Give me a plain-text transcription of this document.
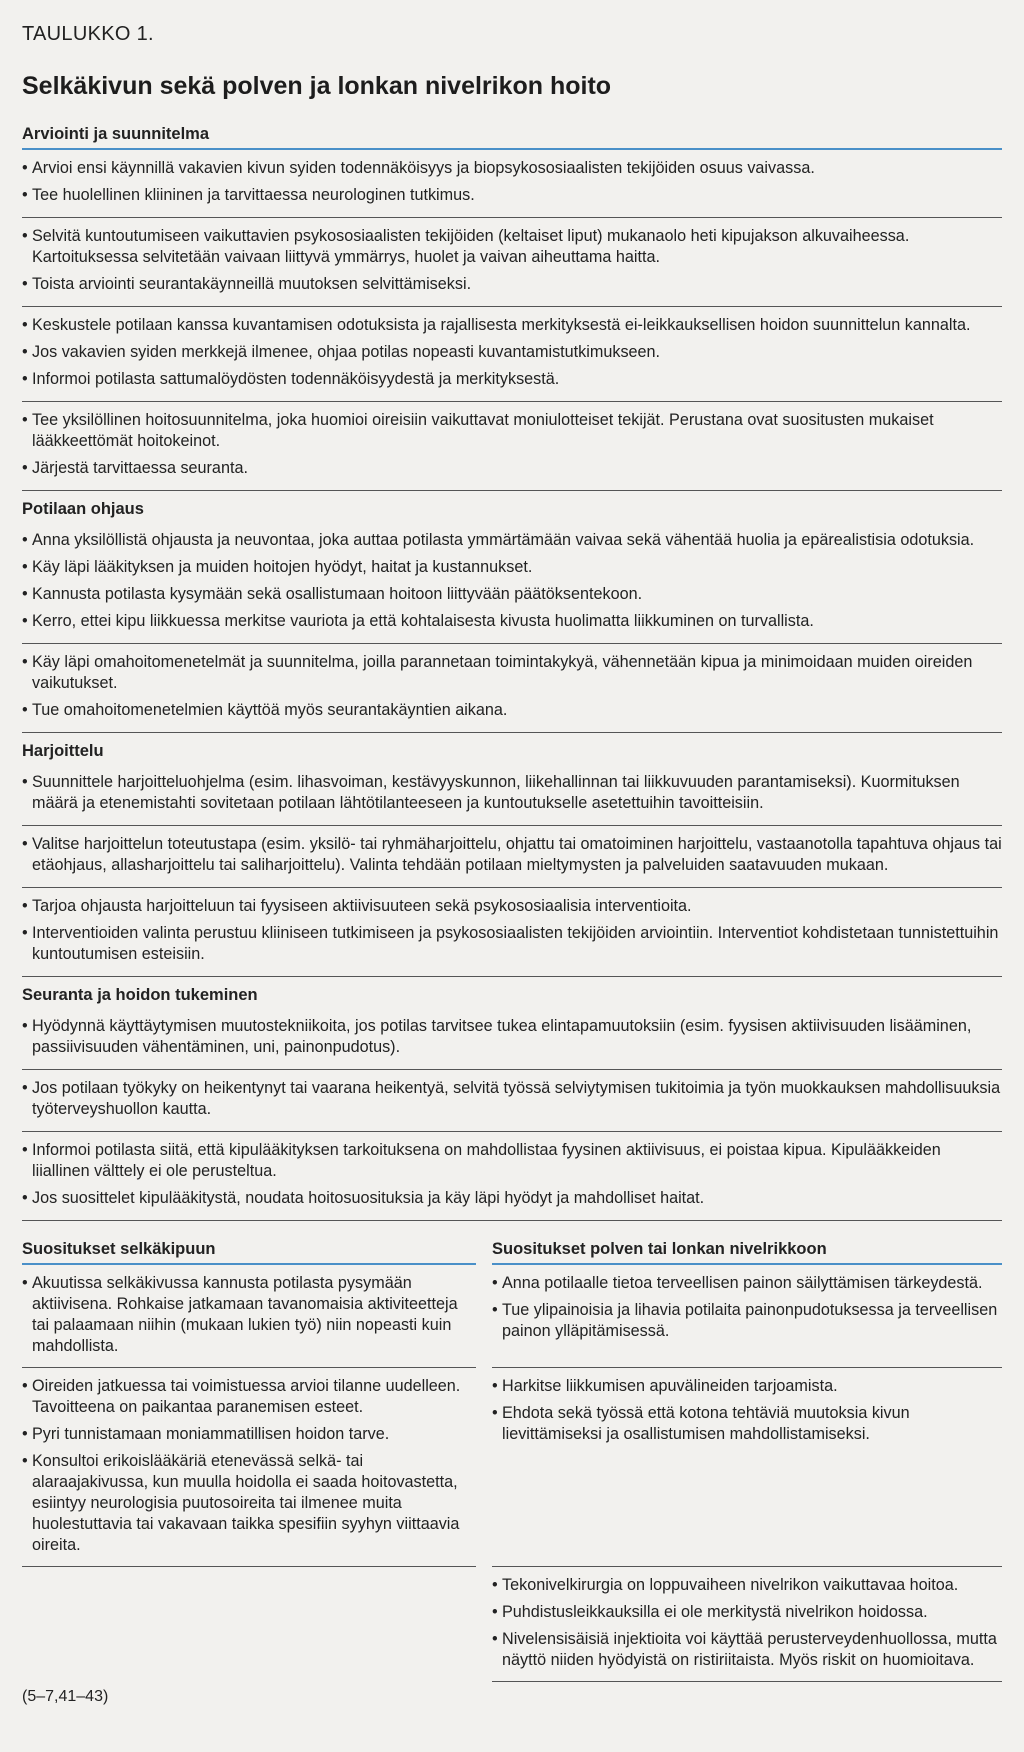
TAULUKKO 1.
Selkäkivun sekä polven ja lonkan nivelrikon hoito
Arviointi ja suunnitelma
• Arvioi ensi käynnillä vakavien kivun syiden todennäköisyys ja biopsykososiaalisten tekijöiden osuus vaivassa.
• Tee huolellinen kliininen ja tarvittaessa neurologinen tutkimus.
• Selvitä kuntoutumiseen vaikuttavien psykososiaalisten tekijöiden (keltaiset liput) mukanaolo heti kipujakson alkuvaiheessa. Kartoituksessa selvitetään vaivaan liittyvä ymmärrys, huolet ja vaivan aiheuttama haitta.
• Toista arviointi seurantakäynneillä muutoksen selvittämiseksi.
• Keskustele potilaan kanssa kuvantamisen odotuksista ja rajallisesta merkityksestä ei-leikkauksellisen hoidon suunnittelun kannalta.
• Jos vakavien syiden merkkejä ilmenee, ohjaa potilas nopeasti kuvantamistutkimukseen.
• Informoi potilasta sattumalöydösten todennäköisyydestä ja merkityksestä.
• Tee yksilöllinen hoitosuunnitelma, joka huomioi oireisiin vaikuttavat moniulotteiset tekijät. Perustana ovat suositusten mukaiset lääkkeettömät hoitokeinot.
• Järjestä tarvittaessa seuranta.
Potilaan ohjaus
• Anna yksilöllistä ohjausta ja neuvontaa, joka auttaa potilasta ymmärtämään vaivaa sekä vähentää huolia ja epärealistisia odotuksia.
• Käy läpi lääkityksen ja muiden hoitojen hyödyt, haitat ja kustannukset.
• Kannusta potilasta kysymään sekä osallistumaan hoitoon liittyvään päätöksentekoon.
• Kerro, ettei kipu liikkuessa merkitse vauriota ja että kohtalaisesta kivusta huolimatta liikkuminen on turvallista.
• Käy läpi omahoitomenetelmät ja suunnitelma, joilla parannetaan toimintakykyä, vähennetään kipua ja minimoidaan muiden oireiden vaikutukset.
• Tue omahoitomenetelmien käyttöä myös seurantakäyntien aikana.
Harjoittelu
• Suunnittele harjoitteluohjelma (esim. lihasvoiman, kestävyyskunnon, liikehallinnan tai liikkuvuuden parantamiseksi). Kuormituksen määrä ja etenemistahti sovitetaan potilaan lähtötilanteeseen ja kuntoutukselle asetettuihin tavoitteisiin.
• Valitse harjoittelun toteutustapa (esim. yksilö- tai ryhmäharjoittelu, ohjattu tai omatoiminen harjoittelu, vastaanotolla tapahtuva ohjaus tai etäohjaus, allasharjoittelu tai saliharjoittelu). Valinta tehdään potilaan mieltymysten ja palveluiden saatavuuden mukaan.
• Tarjoa ohjausta harjoitteluun tai fyysiseen aktiivisuuteen sekä psykososiaalisia interventioita.
• Interventioiden valinta perustuu kliiniseen tutkimiseen ja psykososiaalisten tekijöiden arviointiin. Interventiot kohdistetaan tunnistettuihin kuntoutumisen esteisiin.
Seuranta ja hoidon tukeminen
• Hyödynnä käyttäytymisen muutostekniikoita, jos potilas tarvitsee tukea elintapamuutoksiin (esim. fyysisen aktiivisuuden lisääminen, passiivisuuden vähentäminen, uni, painonpudotus).
• Jos potilaan työkyky on heikentynyt tai vaarana heikentyä, selvitä työssä selviytymisen tukitoimia ja työn muokkauksen mahdollisuuksia työterveyshuollon kautta.
• Informoi potilasta siitä, että kipulääkityksen tarkoituksena on mahdollistaa fyysinen aktiivisuus, ei poistaa kipua. Kipulääkkeiden liiallinen välttely ei ole perusteltua.
• Jos suosittelet kipulääkitystä, noudata hoitosuosituksia ja käy läpi hyödyt ja mahdolliset haitat.
Suositukset selkäkipuun	Suositukset polven tai lonkan nivelrikkoon
• Akuutissa selkäkivussa kannusta potilasta pysymään aktiivisena. Rohkaise jatkamaan tavanomaisia aktiviteetteja tai palaamaan niihin (mukaan lukien työ) niin nopeasti kuin mahdollista.
• Anna potilaalle tietoa terveellisen painon säilyttämisen tärkeydestä.
• Tue ylipainoisia ja lihavia potilaita painonpudotuksessa ja terveellisen painon ylläpitämisessä.
• Oireiden jatkuessa tai voimistuessa arvioi tilanne uudelleen. Tavoitteena on paikantaa paranemisen esteet.
• Pyri tunnistamaan moniammatillisen hoidon tarve.
• Konsultoi erikoislääkäriä etenevässä selkä- tai alaraajakivussa, kun muulla hoidolla ei saada hoitovastetta, esiintyy neurologisia puutosoireita tai ilmenee muita huolestuttavia tai vakavaan taikka spesifiin syyhyn viittaavia oireita.
• Harkitse liikkumisen apuvälineiden tarjoamista.
• Ehdota sekä työssä että kotona tehtäviä muutoksia kivun lievittämiseksi ja osallistumisen mahdollistamiseksi.
• Tekonivelkirurgia on loppuvaiheen nivelrikon vaikuttavaa hoitoa.
• Puhdistusleikkauksilla ei ole merkitystä nivelrikon hoidossa.
• Nivelensisäisiä injektioita voi käyttää perusterveydenhuollossa, mutta näyttö niiden hyödyistä on ristiriitaista. Myös riskit on huomioitava.
(5–7,41–43)
